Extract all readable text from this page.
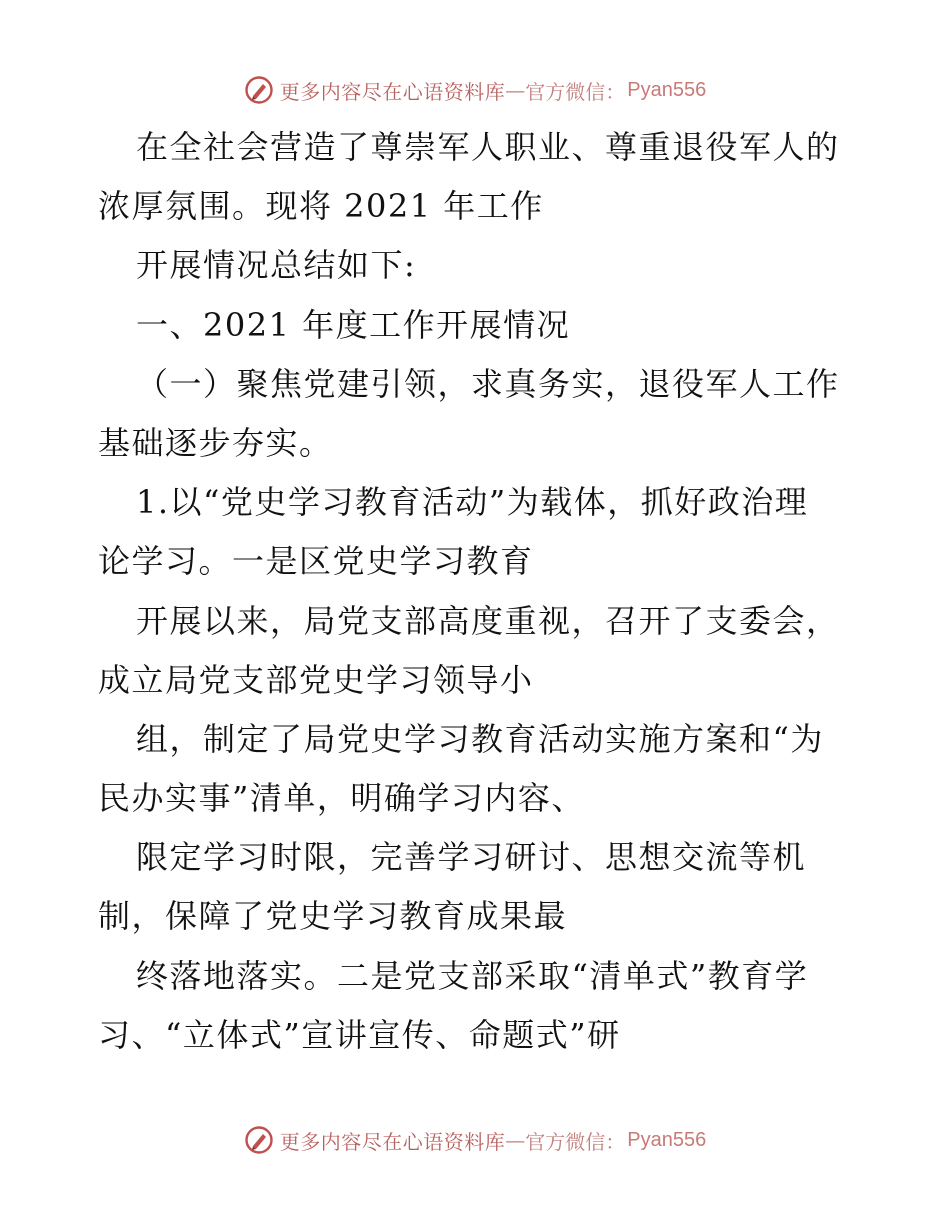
更多内容尽在心语资料库 — 官方微信： Pyan556
在全社会营造了尊崇军人职业、尊重退役军人的
浓厚氛围。现将 2021 年工作
开展情况总结如下:
一、2021 年度工作开展情况
（一）聚焦党建引领，求真务实，退役军人工作
基础逐步夯实。
1.以“党史学习教育活动”为载体，抓好政治理
论学习。一是区党史学习教育
开展以来，局党支部高度重视，召开了支委会，
成立局党支部党史学习领导小
组，制定了局党史学习教育活动实施方案和“为
民办实事”清单，明确学习内容、
限定学习时限，完善学习研讨、思想交流等机
制，保障了党史学习教育成果最
终落地落实。二是党支部采取“清单式”教育学
习、“立体式”宣讲宣传、命题式”研
更多内容尽在心语资料库 — 官方微信： Pyan556
